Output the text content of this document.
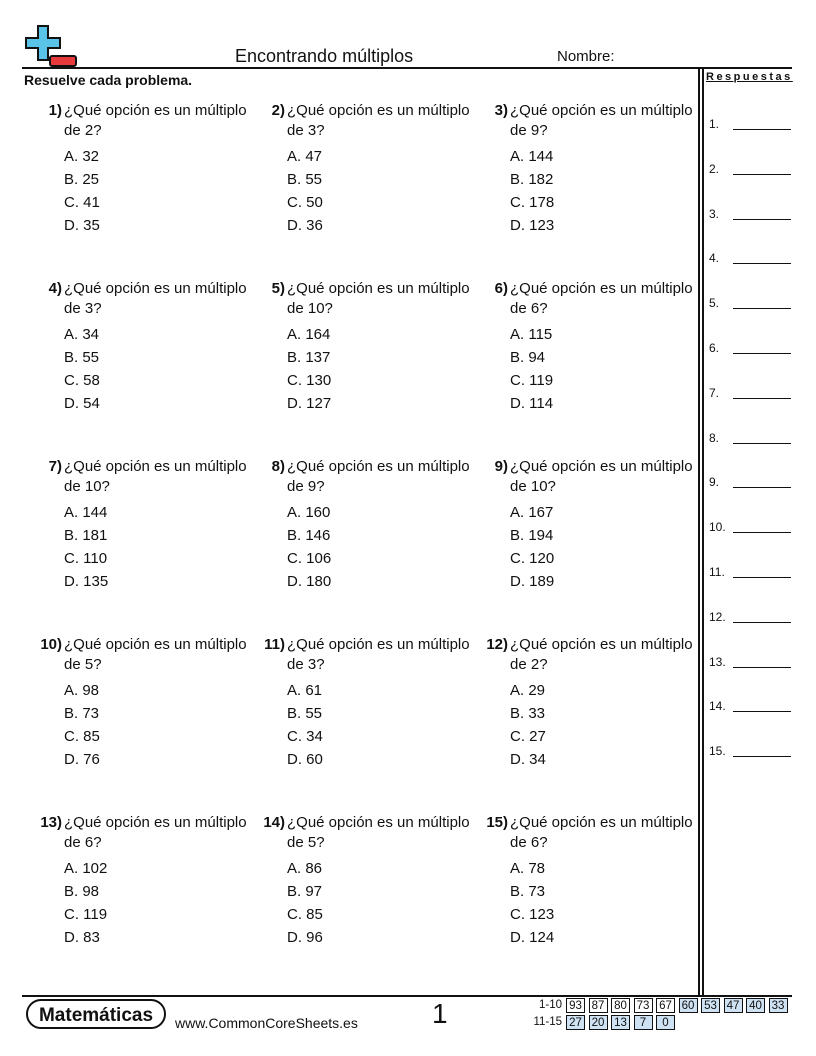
Encontrando múltiplos	Nombre:
Resuelve cada problema.	Respuestas
1.
2.
3.
4.
5.
6.
7.
8.
9.
10.
11.
12.
13.
14.
15.
1) ¿Qué opción es un múltiplo de 2?
A. 32
B. 25
C. 41
D. 35
2) ¿Qué opción es un múltiplo de 3?
A. 47
B. 55
C. 50
D. 36
3) ¿Qué opción es un múltiplo de 9?
A. 144
B. 182
C. 178
D. 123
4) ¿Qué opción es un múltiplo de 3?
A. 34
B. 55
C. 58
D. 54
5) ¿Qué opción es un múltiplo de 10?
A. 164
B. 137
C. 130
D. 127
6) ¿Qué opción es un múltiplo de 6?
A. 115
B. 94
C. 119
D. 114
7) ¿Qué opción es un múltiplo de 10?
A. 144
B. 181
C. 110
D. 135
8) ¿Qué opción es un múltiplo de 9?
A. 160
B. 146
C. 106
D. 180
9) ¿Qué opción es un múltiplo de 10?
A. 167
B. 194
C. 120
D. 189
10) ¿Qué opción es un múltiplo de 5?
A. 98
B. 73
C. 85
D. 76
11) ¿Qué opción es un múltiplo de 3?
A. 61
B. 55
C. 34
D. 60
12) ¿Qué opción es un múltiplo de 2?
A. 29
B. 33
C. 27
D. 34
13) ¿Qué opción es un múltiplo de 6?
A. 102
B. 98
C. 119
D. 83
14) ¿Qué opción es un múltiplo de 5?
A. 86
B. 97
C. 85
D. 96
15) ¿Qué opción es un múltiplo de 6?
A. 78
B. 73
C. 123
D. 124
Matemáticas	www.CommonCoreSheets.es	1	1-10 93 87 80 73 67 60 53 47 40 33
11-15 27 20 13	7	0
